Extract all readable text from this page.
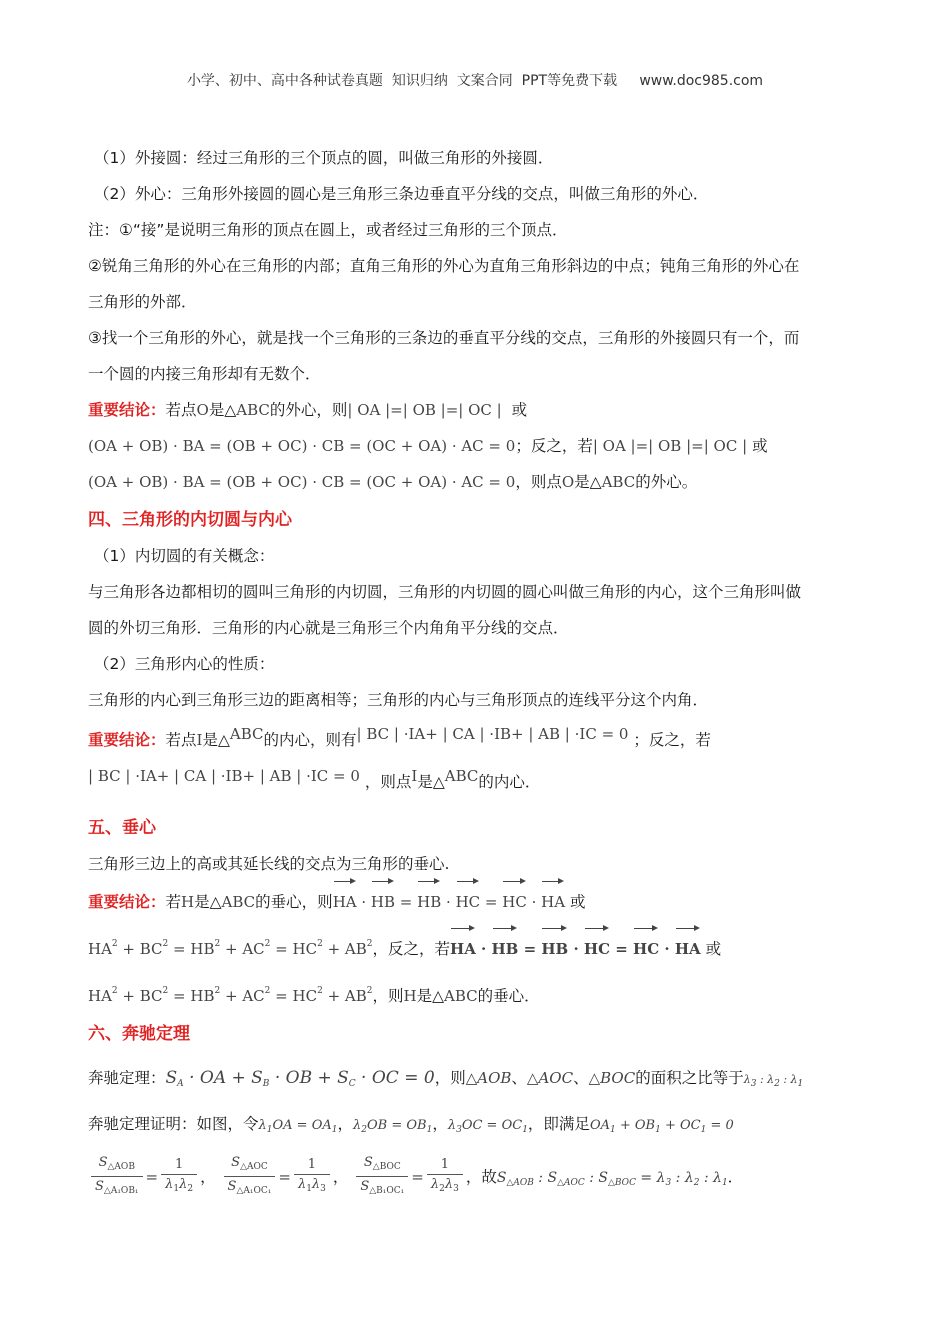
小学、初中、高中各种试卷真题  知识归纳  文案合同  PPT等免费下载     www.doc985.com
（1）外接圆：经过三角形的三个顶点的圆，叫做三角形的外接圆．
（2）外心：三角形外接圆的圆心是三角形三条边垂直平分线的交点，叫做三角形的外心．
注：①“接”是说明三角形的顶点在圆上，或者经过三角形的三个顶点．
②锐角三角形的外心在三角形的内部；直角三角形的外心为直角三角形斜边的中点；钝角三角形的外心在
三角形的外部．
③找一个三角形的外心，就是找一个三角形的三条边的垂直平分线的交点，三角形的外接圆只有一个，而
一个圆的内接三角形却有无数个．
重要结论：若点O是△ABC的外心，则| OA |=| OB |=| OC | 或
(OA + OB) · BA = (OB + OC) · CB = (OC + OA) · AC = 0；反之，若| OA |=| OB |=| OC | 或
(OA + OB) · BA = (OB + OC) · CB = (OC + OA) · AC = 0，则点O是△ABC的外心。
四、三角形的内切圆与内心
（1）内切圆的有关概念：
与三角形各边都相切的圆叫三角形的内切圆，三角形的内切圆的圆心叫做三角形的内心，这个三角形叫做
圆的外切三角形．三角形的内心就是三角形三个内角角平分线的交点．
（2）三角形内心的性质：
三角形的内心到三角形三边的距离相等；三角形的内心与三角形顶点的连线平分这个内角．
重要结论：若点I是△ABC的内心，则有| BC | ·IA+ | CA | ·IB+ | AB | ·IC = 0 ；反之，若
| BC | ·IA+ | CA | ·IB+ | AB | ·IC = 0 ，则点I是△ABC的内心．
五、垂心
三角形三边上的高或其延长线的交点为三角形的垂心.
重要结论：若H是△ABC的垂心，则HA · HB = HB · HC = HC · HA 或
$HA^2 + BC^2 = HB^2 + AC^2 = HC^2 + AB^2$，反之，若HA · HB = HB · HC = HC · HA 或
$HA^2 + BC^2 = HB^2 + AC^2 = HC^2 + AB^2$，则H是△ABC的垂心．
六、奔驰定理
奔驰定理：$S_A$ · OA + $S_B$ · OB + $S_C$ · OC = 0，则△AOB、△AOC、△BOC的面积之比等于$\lambda_3$ : $\lambda_2$ : $\lambda_1$
奔驰定理证明：如图，令$\lambda_1OA = OA_1$，$\lambda_2OB = OB_1$，$\lambda_3OC = OC_1$，即满足$OA_1 + OB_1 + OC_1 = 0$
$\frac{S_{\triangle AOB}}{S_{\triangle A_1OB_1}} = \frac{1}{\lambda_1\lambda_2}$ ， $\frac{S_{\triangle AOC}}{S_{\triangle A_1OC_1}} = \frac{1}{\lambda_1\lambda_3}$ ， $\frac{S_{\triangle BOC}}{S_{\triangle B_1OC_1}} = \frac{1}{\lambda_2\lambda_3}$ ，故$S_{\triangle AOB}$ : $S_{\triangle AOC}$ : $S_{\triangle BOC} = \lambda_3$ : $\lambda_2$ : $\lambda_1$．
